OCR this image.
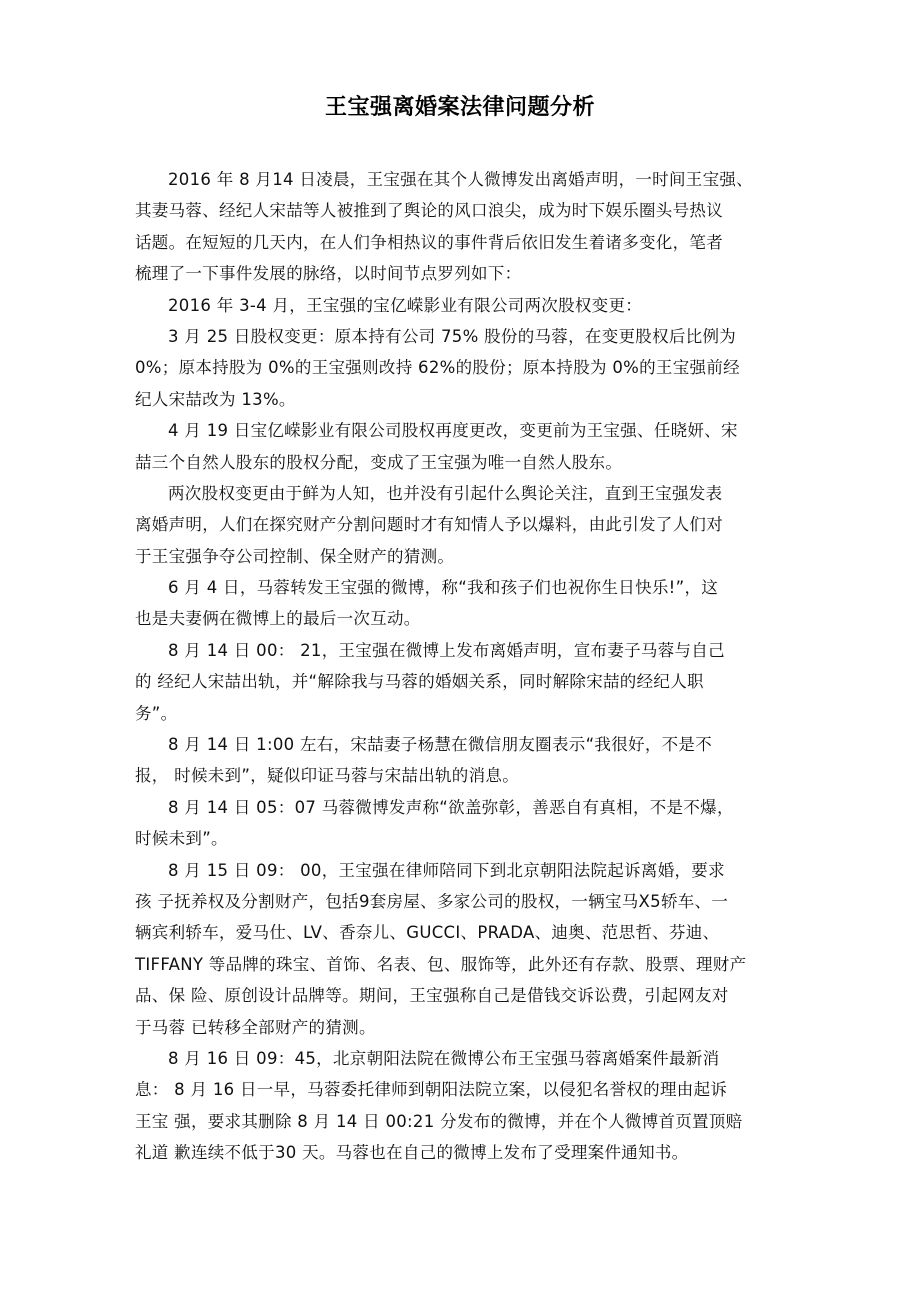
王宝强离婚案法律问题分析
2016 年 8 月14 日凌晨，王宝强在其个人微博发出离婚声明，一时间王宝强、
其妻马蓉、经纪人宋喆等人被推到了舆论的风口浪尖，成为时下娱乐圈头号热议
话题。在短短的几天内，在人们争相热议的事件背后依旧发生着诸多变化，笔者
梳理了一下事件发展的脉络，以时间节点罗列如下：
2016 年 3-4 月，王宝强的宝亿嵘影业有限公司两次股权变更：
3 月 25 日股权变更：原本持有公司 75% 股份的马蓉，在变更股权后比例为
0%；原本持股为 0%的王宝强则改持 62%的股份；原本持股为 0%的王宝强前经
纪人宋喆改为 13%。
4 月 19 日宝亿嵘影业有限公司股权再度更改，变更前为王宝强、任晓妍、宋
喆三个自然人股东的股权分配，变成了王宝强为唯一自然人股东。
两次股权变更由于鲜为人知，也并没有引起什么舆论关注，直到王宝强发表
离婚声明，人们在探究财产分割问题时才有知情人予以爆料，由此引发了人们对
于王宝强争夺公司控制、保全财产的猜测。
6 月 4 日，马蓉转发王宝强的微博，称“我和孩子们也祝你生日快乐!”，这
也是夫妻俩在微博上的最后一次互动。
8 月 14 日 00： 21，王宝强在微博上发布离婚声明，宣布妻子马蓉与自己
的 经纪人宋喆出轨，并“解除我与马蓉的婚姻关系，同时解除宋喆的经纪人职
务”。
8 月 14 日 1:00 左右，宋喆妻子杨慧在微信朋友圈表示“我很好，不是不
报， 时候未到”，疑似印证马蓉与宋喆出轨的消息。
8 月 14 日 05：07 马蓉微博发声称“欲盖弥彰，善恶自有真相，不是不爆，
时候未到”。
8 月 15 日 09： 00，王宝强在律师陪同下到北京朝阳法院起诉离婚，要求
孩 子抚养权及分割财产，包括9套房屋、多家公司的股权，一辆宝马X5轿车、一
辆宾利轿车，爱马仕、LV、香奈儿、GUCCI、PRADA、迪奥、范思哲、芬迪、
TIFFANY 等品牌的珠宝、首饰、名表、包、服饰等，此外还有存款、股票、理财产
品、保 险、原创设计品牌等。期间，王宝强称自己是借钱交诉讼费，引起网友对
于马蓉 已转移全部财产的猜测。
8 月 16 日 09：45，北京朝阳法院在微博公布王宝强马蓉离婚案件最新消
息： 8 月 16 日一早，马蓉委托律师到朝阳法院立案，以侵犯名誉权的理由起诉
王宝 强，要求其删除 8 月 14 日 00:21 分发布的微博，并在个人微博首页置顶赔
礼道 歉连续不低于30 天。马蓉也在自己的微博上发布了受理案件通知书。
